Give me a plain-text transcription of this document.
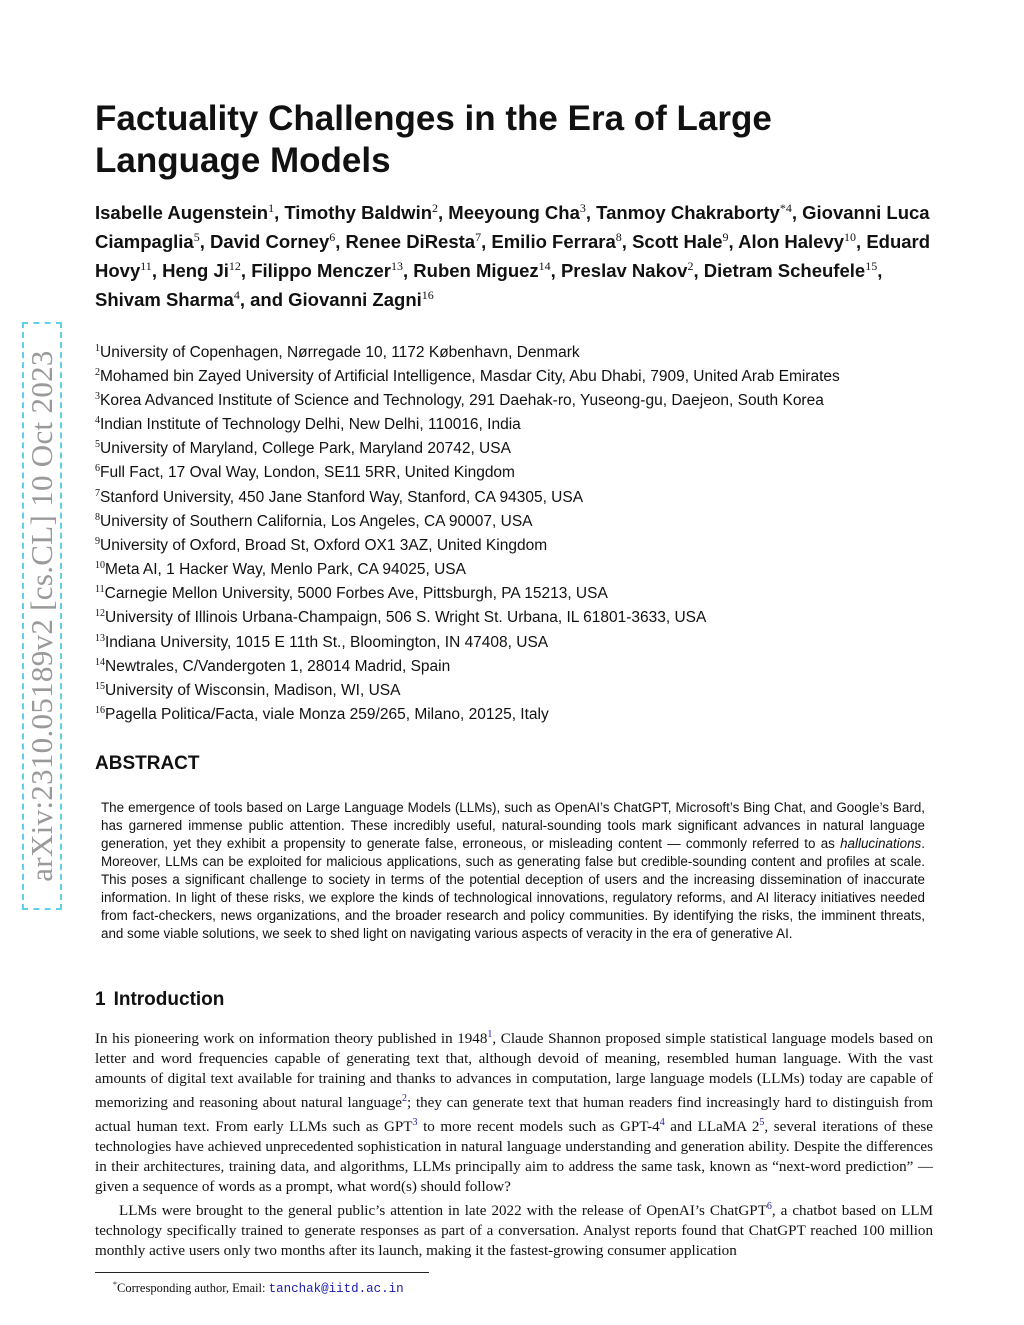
arXiv:2310.05189v2 [cs.CL] 10 Oct 2023
Factuality Challenges in the Era of Large Language Models
Isabelle Augenstein$^1$, Timothy Baldwin$^2$, Meeyoung Cha$^3$, Tanmoy Chakraborty$^{*4}$, Giovanni Luca Ciampaglia$^5$, David Corney$^6$, Renee DiResta$^7$, Emilio Ferrara$^8$, Scott Hale$^9$, Alon Halevy$^{10}$, Eduard Hovy$^{11}$, Heng Ji$^{12}$, Filippo Menczer$^{13}$, Ruben Miguez$^{14}$, Preslav Nakov$^2$, Dietram Scheufele$^{15}$, Shivam Sharma$^4$, and Giovanni Zagni$^{16}$
$^1$University of Copenhagen, Nørregade 10, 1172 København, Denmark
$^2$Mohamed bin Zayed University of Artificial Intelligence, Masdar City, Abu Dhabi, 7909, United Arab Emirates
$^3$Korea Advanced Institute of Science and Technology, 291 Daehak-ro, Yuseong-gu, Daejeon, South Korea
$^4$Indian Institute of Technology Delhi, New Delhi, 110016, India
$^5$University of Maryland, College Park, Maryland 20742, USA
$^6$Full Fact, 17 Oval Way, London, SE11 5RR, United Kingdom
$^7$Stanford University, 450 Jane Stanford Way, Stanford, CA 94305, USA
$^8$University of Southern California, Los Angeles, CA 90007, USA
$^9$University of Oxford, Broad St, Oxford OX1 3AZ, United Kingdom
$^{10}$Meta AI, 1 Hacker Way, Menlo Park, CA 94025, USA
$^{11}$Carnegie Mellon University, 5000 Forbes Ave, Pittsburgh, PA 15213, USA
$^{12}$University of Illinois Urbana-Champaign, 506 S. Wright St. Urbana, IL 61801-3633, USA
$^{13}$Indiana University, 1015 E 11th St., Bloomington, IN 47408, USA
$^{14}$Newtrales, C/Vandergoten 1, 28014 Madrid, Spain
$^{15}$University of Wisconsin, Madison, WI, USA
$^{16}$Pagella Politica/Facta, viale Monza 259/265, Milano, 20125, Italy
ABSTRACT

The emergence of tools based on Large Language Models (LLMs), such as OpenAI’s ChatGPT, Microsoft’s Bing Chat, and Google’s Bard, has garnered immense public attention. These incredibly useful, natural-sounding tools mark significant advances in natural language generation, yet they exhibit a propensity to generate false, erroneous, or misleading content — commonly referred to as hallucinations. Moreover, LLMs can be exploited for malicious applications, such as generating false but credible-sounding content and profiles at scale. This poses a significant challenge to society in terms of the potential deception of users and the increasing dissemination of inaccurate information. In light of these risks, we explore the kinds of technological innovations, regulatory reforms, and AI literacy initiatives needed from fact-checkers, news organizations, and the broader research and policy communities. By identifying the risks, the imminent threats, and some viable solutions, we seek to shed light on navigating various aspects of veracity in the era of generative AI.

1 Introduction

In his pioneering work on information theory published in 1948$^1$, Claude Shannon proposed simple statistical language models based on letter and word frequencies capable of generating text that, although devoid of meaning, resembled human language. With the vast amounts of digital text available for training and thanks to advances in computation, large language models (LLMs) today are capable of memorizing and reasoning about natural language$^2$; they can generate text that human readers find increasingly hard to distinguish from actual human text. From early LLMs such as GPT$^3$ to more recent models such as GPT-$4^4$ and LLaMA $2^5$, several iterations of these technologies have achieved unprecedented sophistication in natural language understanding and generation ability. Despite the differences in their architectures, training data, and algorithms, LLMs principally aim to address the same task, known as “next-word prediction” — given a sequence of words as a prompt, what word(s) should follow?

LLMs were brought to the general public’s attention in late 2022 with the release of OpenAI’s ChatGPT$^6$, a chatbot based on LLM technology specifically trained to generate responses as part of a conversation. Analyst reports found that ChatGPT reached 100 million monthly active users only two months after its launch, making it the fastest-growing consumer application

*Corresponding author, Email: tanchak@iitd.ac.in
